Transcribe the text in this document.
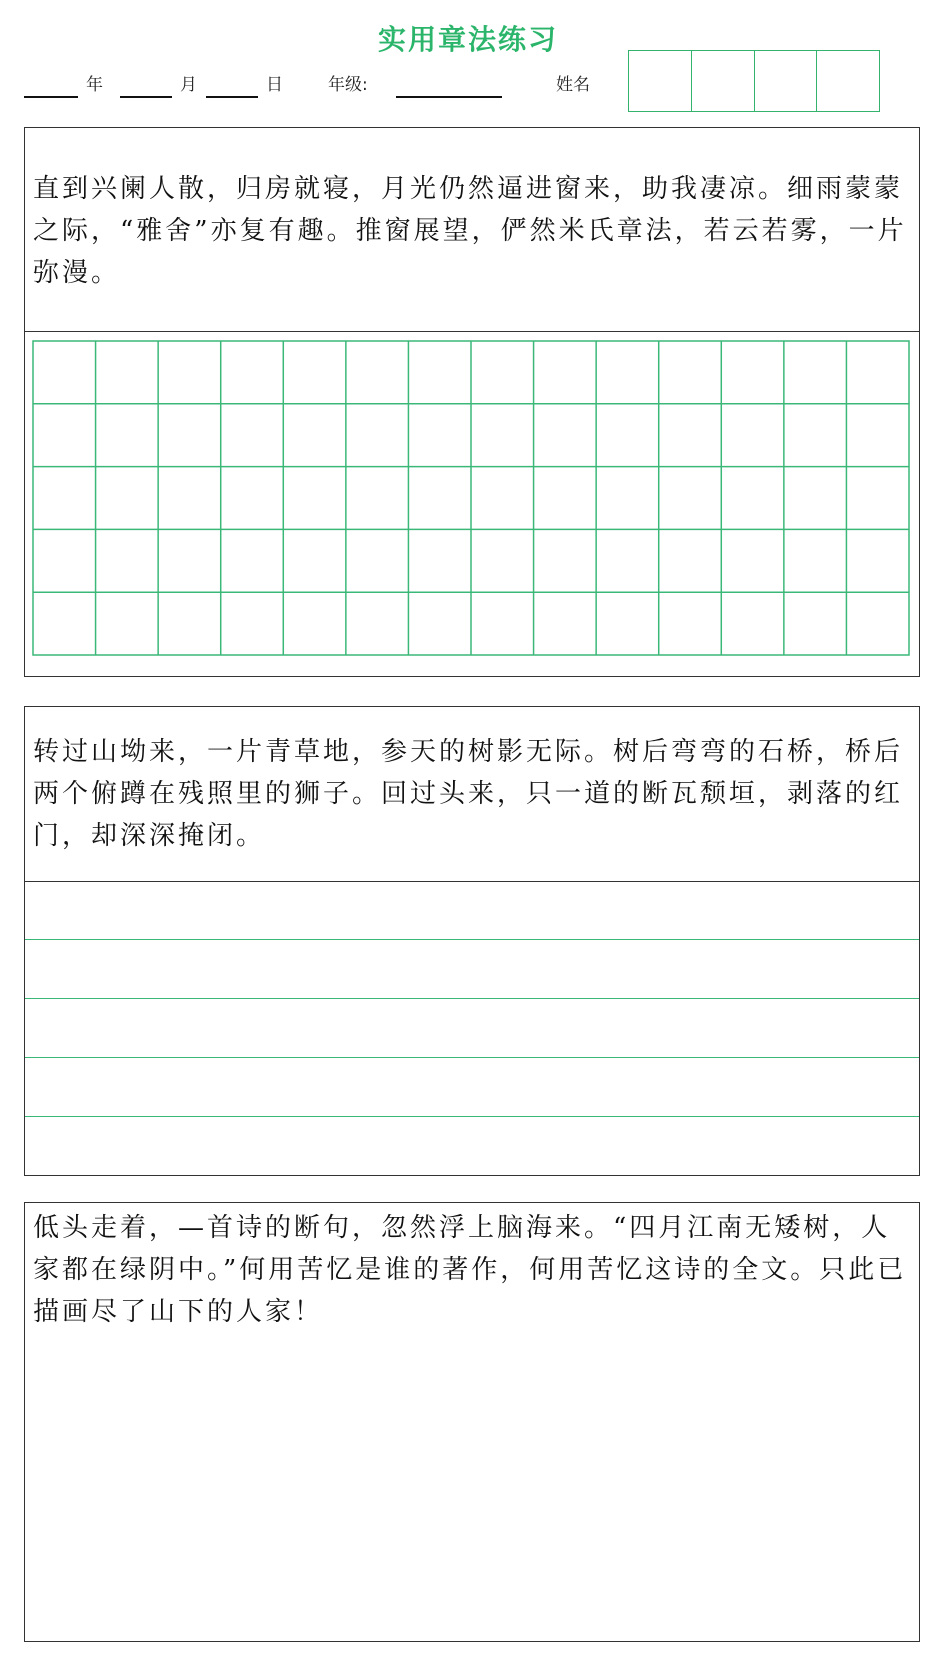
实用章法练习
年	月	日	年级:	姓名
直到兴阑人散，归房就寝，月光仍然逼进窗来，助我凄凉。细雨蒙蒙之际，“雅舍”亦复有趣。推窗展望，俨然米氏章法，若云若雾，一片弥漫。
转过山坳来，一片青草地，参天的树影无际。树后弯弯的石桥，桥后两个俯蹲在残照里的狮子。回过头来，只一道的断瓦颓垣，剥落的红门，却深深掩闭。
低头走着，—首诗的断句，忽然浮上脑海来。“四月江南无矮树，人家都在绿阴中。”何用苦忆是谁的著作，何用苦忆这诗的全文。只此已描画尽了山下的人家！
